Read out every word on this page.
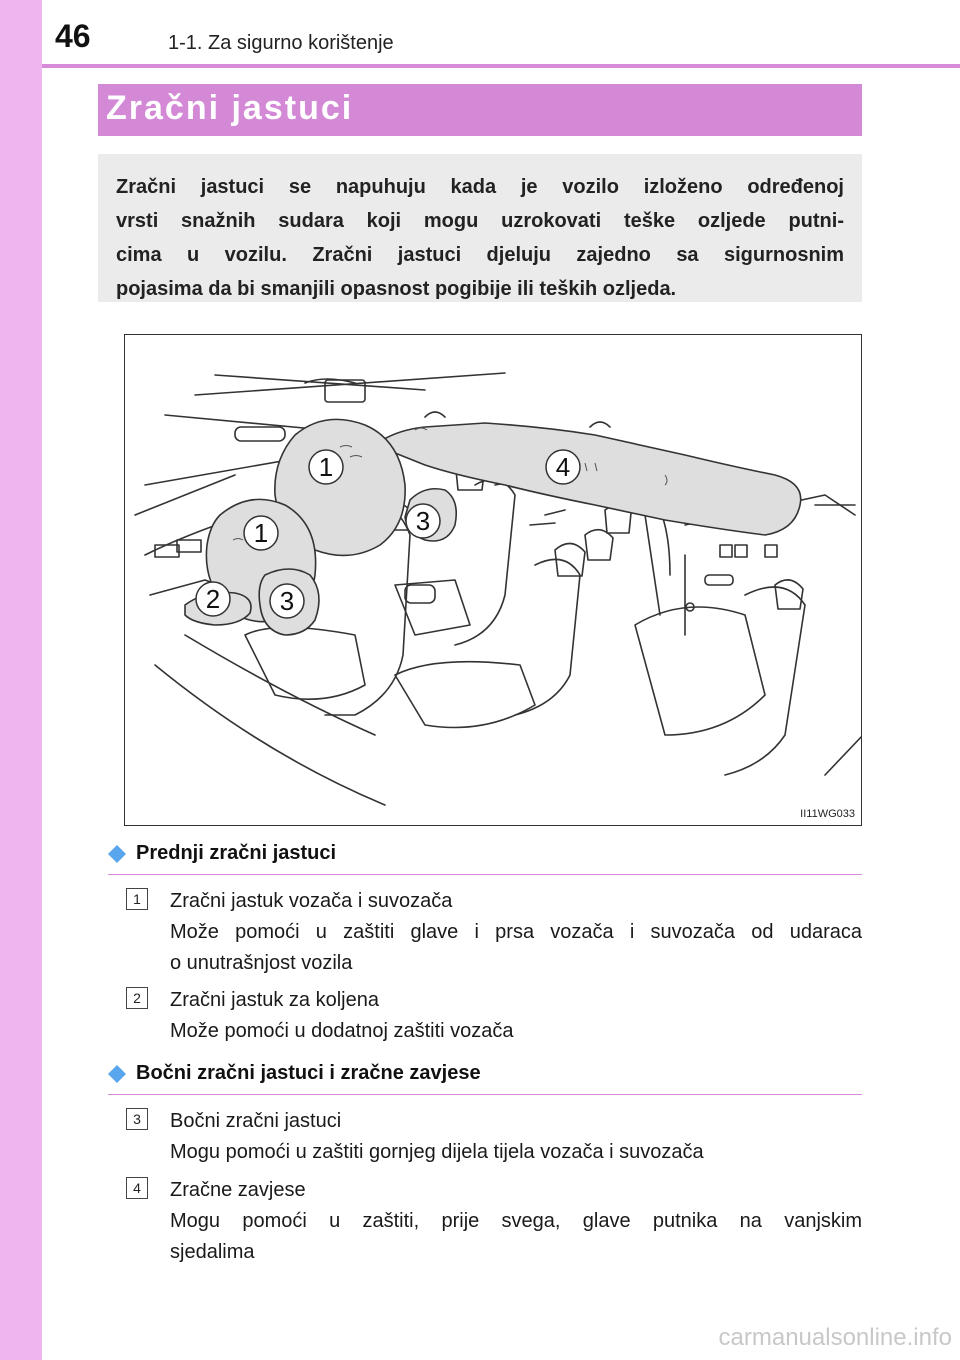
46	1-1. Za sigurno korištenje
Zračni jastuci

Zračni jastuci se napuhuju kada je vozilo izloženo određenoj
vrsti snažnih sudara koji mogu uzrokovati teške ozljede putni-
cima u vozilu. Zračni jastuci djeluju zajedno sa sigurnosnim
pojasima da bi smanjili opasnost pogibije ili teških ozljeda.

1
1
2 3
3
4
II11WG033
Prednji zračni jastuci
1	Zračni jastuk vozača i suvozača
Može pomoći u zaštiti glave i prsa vozača i suvozača od udaraca
o unutrašnjost vozila
2	Zračni jastuk za koljena
Može pomoći u dodatnoj zaštiti vozača
Bočni zračni jastuci i zračne zavjese
3	Bočni zračni jastuci
Mogu pomoći u zaštiti gornjeg dijela tijela vozača i suvozača
4	Zračne zavjese
Mogu pomoći u zaštiti, prije svega, glave putnika na vanjskim
sjedalima
carmanualsonline.info
